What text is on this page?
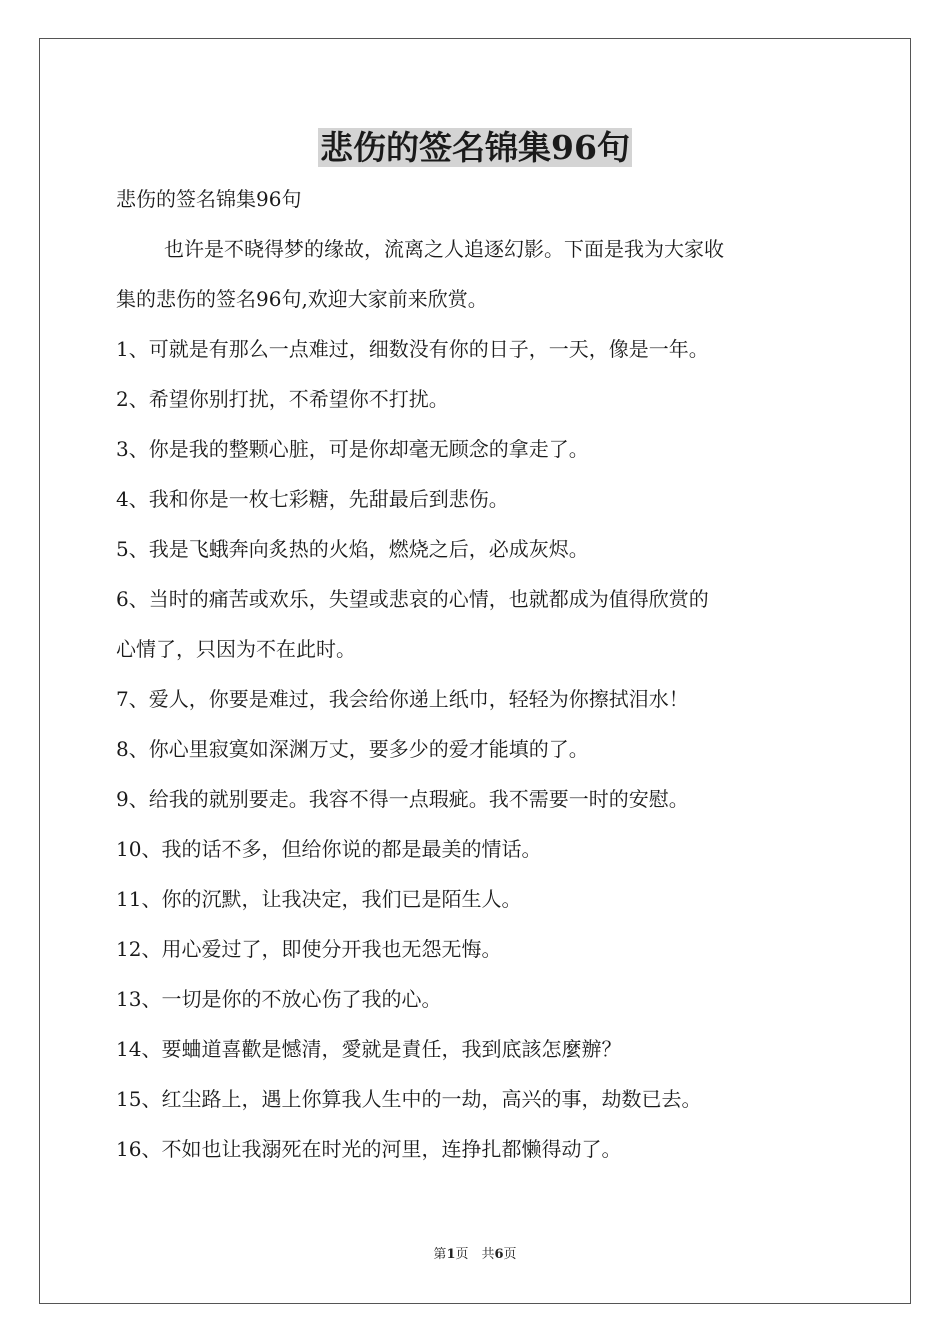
悲伤的签名锦集96句

悲伤的签名锦集96句

也许是不晓得梦的缘故，流离之人追逐幻影。下面是我为大家收

集的悲伤的签名96句,欢迎大家前来欣赏。

1、可就是有那么一点难过，细数没有你的日子，一天，像是一年。

2、希望你别打扰，不希望你不打扰。

3、你是我的整颗心脏，可是你却毫无顾念的拿走了。

4、我和你是一枚七彩糖，先甜最后到悲伤。

5、我是飞蛾奔向炙热的火焰，燃烧之后，必成灰烬。

6、当时的痛苦或欢乐，失望或悲哀的心情，也就都成为值得欣赏的

心情了，只因为不在此时。

7、爱人，你要是难过，我会给你递上纸巾，轻轻为你擦拭泪水！

8、你心里寂寞如深渊万丈，要多少的爱才能填的了。

9、给我的就别要走。我容不得一点瑕疵。我不需要一时的安慰。

10、我的话不多，但给你说的都是最美的情话。

11、你的沉默，让我决定，我们已是陌生人。

12、用心爱过了，即使分开我也无怨无悔。

13、一切是你的不放心伤了我的心。

14、要蛐道喜歡是憾清，愛就是責任，我到底該怎麼辦？

15、红尘路上，遇上你算我人生中的一劫，高兴的事，劫数已去。

16、不如也让我溺死在时光的河里，连挣扎都懒得动了。

第1页　共6页
